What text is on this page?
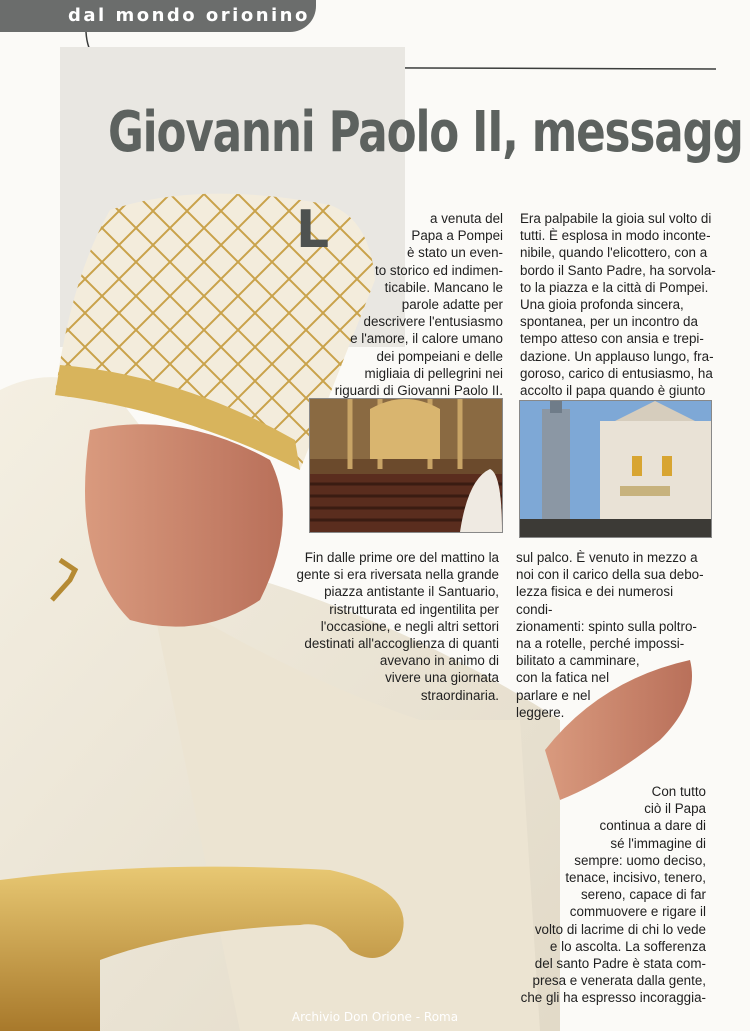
dal mondo orionino
Giovanni Paolo II, messagg
L	a venuta del

Papa a Pompei

è stato un even-

to storico ed indimen-

ticabile. Mancano le

parole adatte per

descrivere l'entusiasmo

e l'amore, il calore umano

dei pompeiani e delle

migliaia di pellegrini nei

riguardi di Giovanni Paolo II.

Era palpabile la gioia sul volto di

tutti. È esplosa in modo inconte-

nibile, quando l'elicottero, con a

bordo il Santo Padre, ha sorvola-

to la piazza e la città di Pompei.

Una gioia profonda sincera,

spontanea, per un incontro da

tempo atteso con ansia e trepi-

dazione. Un applauso lungo, fra-

goroso, carico di entusiasmo, ha

accolto il papa quando è giunto

Fin dalle prime ore del mattino la

gente si era riversata nella grande

piazza antistante il Santuario,

ristrutturata ed ingentilita per

l'occasione, e negli altri settori

destinati all'accoglienza di quanti

avevano in animo di

vivere una giornata

straordinaria.

sul palco. È venuto in mezzo a

noi con il carico della sua debo-

lezza fisica e dei numerosi condi-

zionamenti: spinto sulla poltro-

na a rotelle, perché impossi-

bilitato a camminare,

con la fatica nel

parlare e nel

leggere.

Con tutto

ciò il Papa

continua a dare di

sé l'immagine di

sempre: uomo deciso,

tenace, incisivo, tenero,

sereno, capace di far

commuovere e rigare il

volto di lacrime di chi lo vede

e lo ascolta. La sofferenza

del santo Padre è stata com-

presa e venerata dalla gente,

che gli ha espresso incoraggia-

Archivio Don Orione - Roma
